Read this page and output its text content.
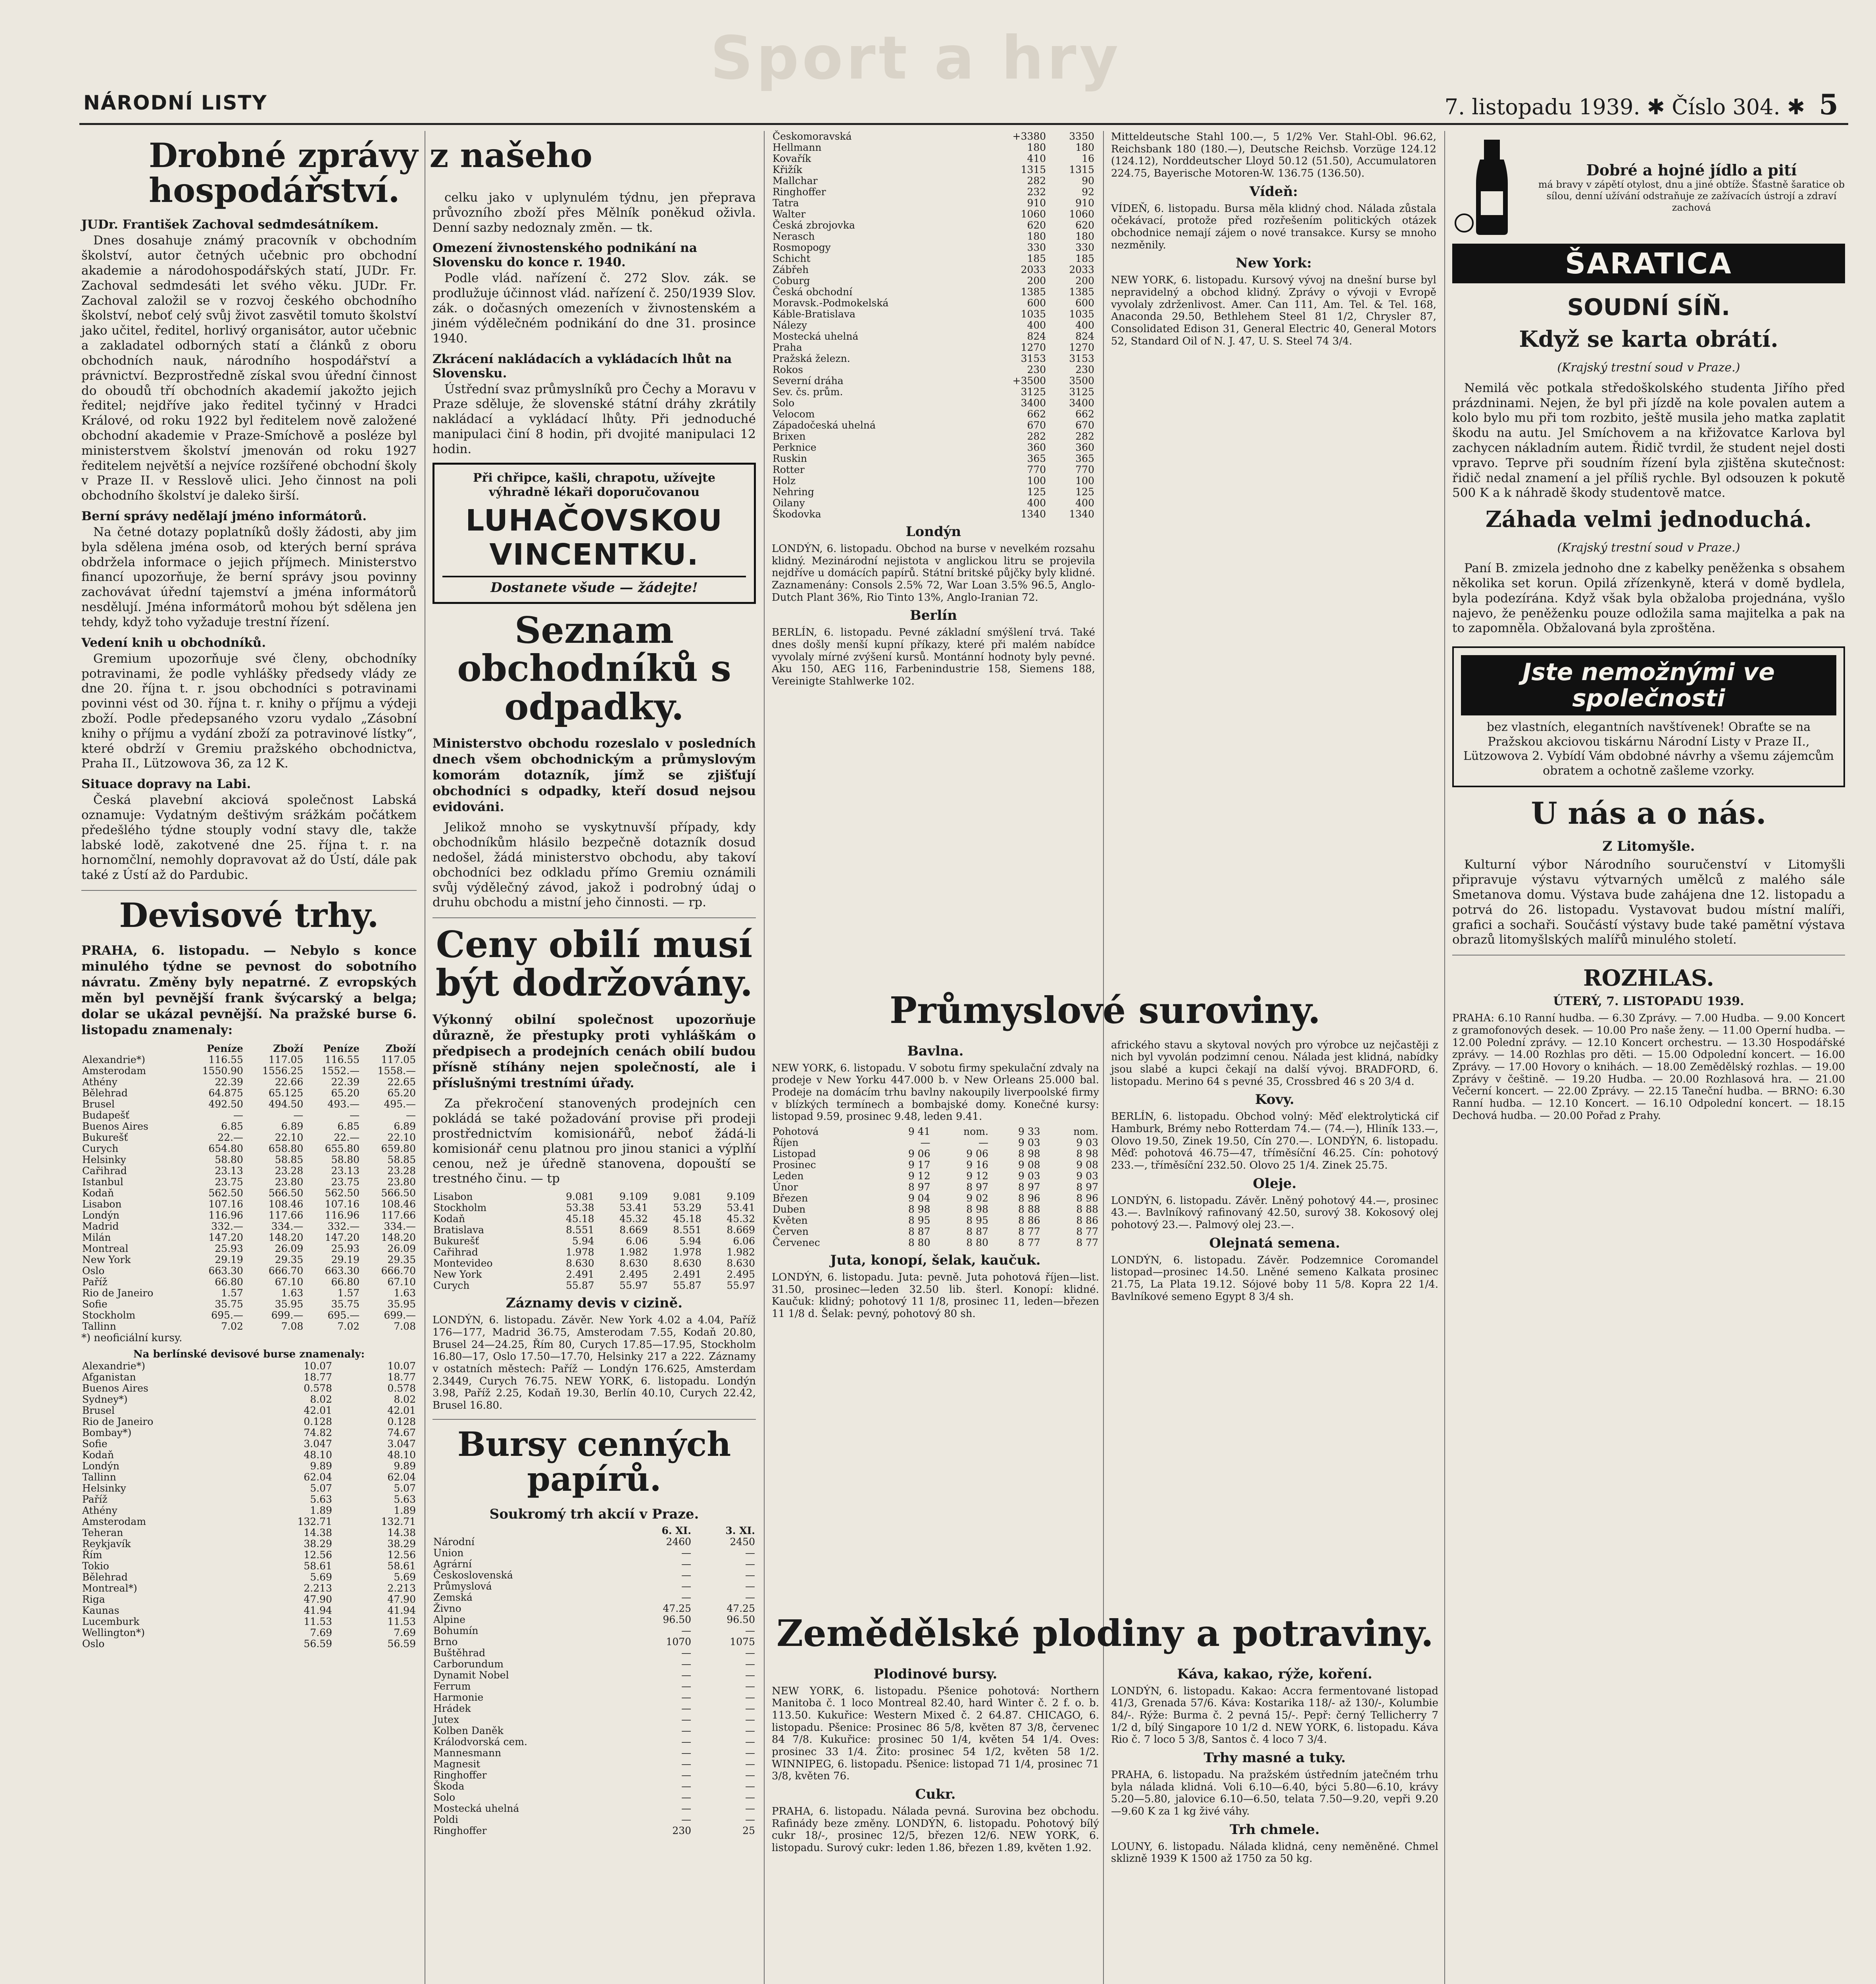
Sport a hry
NÁRODNÍ LISTY	7. listopadu 1939. ✱ Číslo 304. ✱ 5
Drobné zprávy z našeho hospodářství.
JUDr. František Zachoval sedmdesátníkem.

Dnes dosahuje známý pracovník v obchodním školství, autor četných učebnic pro obchodní akademie a národohospodářských statí, JUDr. Fr. Zachoval sedmdesáti let svého věku. JUDr. Fr. Zachoval založil se v rozvoj českého obchodního školství, neboť celý svůj život zasvětil tomuto školství jako učitel, ředitel, horlivý organisátor, autor učebnic a zakladatel odborných statí a článků z oboru obchodních nauk, národního hospodářství a právnictví. Bezprostředně získal svou úřední činnost do oboudů tří obchodních akademií jakožto jejich ředitel; nejdříve jako ředitel tyčinný v Hradci Králové, od roku 1922 byl ředitelem nově založené obchodní akademie v Praze-Smíchově a posléze byl ministerstvem školství jmenován od roku 1927 ředitelem největší a nejvíce rozšířené obchodní školy v Praze II. v Resslově ulici. Jeho činnost na poli obchodního školství je daleko širší.

Berní správy nedělají jméno informátorů.

Na četné dotazy poplatníků došly žádosti, aby jim byla sdělena jména osob, od kterých berní správa obdržela informace o jejich příjmech. Ministerstvo financí upozorňuje, že berní správy jsou povinny zachovávat úřední tajemství a jména informátorů nesdělují. Jména informátorů mohou být sdělena jen tehdy, když toho vyžaduje trestní řízení.

Vedení knih u obchodníků.

Gremium upozorňuje své členy, obchodníky potravinami, že podle vyhlášky předsedy vlády ze dne 20. října t. r. jsou obchodníci s potravinami povinni vést od 30. října t. r. knihy o příjmu a výdeji zboží. Podle předepsaného vzoru vydalo „Zásobní knihy o příjmu a vydání zboží za potravinové lístky“, které obdrží v Gremiu pražského obchodnictva, Praha II., Lützowova 36, za 12 K.

Situace dopravy na Labi.

Česká plavební akciová společnost Labská oznamuje: Vydatným deštivým srážkám počátkem předešlého týdne stouply vodní stavy dle, takže labské lodě, zakotvené dne 25. října t. r. na hornomčlní, nemohly dopravovat až do Ústí, dále pak také z Ústí až do Pardubic.

Devisové trhy.
PRAHA, 6. listopadu. — Nebylo s konce minulého týdne se pevnost do sobotního návratu. Změny byly nepatrné. Z evropských měn byl pevnější frank švýcarský a belga; dolar se ukázal pevnější. Na pražské burse 6. listopadu znamenaly:
	Peníze	Zboží	Peníze	Zboží
Alexandrie*)	116.55	117.05	116.55	117.05
Amsterodam	1550.90	1556.25	1552.—	1558.—
Athény	22.39	22.66	22.39	22.65
Bělehrad	64.875	65.125	65.20	65.20
Brusel	492.50	494.50	493.—	495.—
Budapešť	—	—	—	—
Buenos Aires	6.85	6.89	6.85	6.89
Bukurešť	22.—	22.10	22.—	22.10
Curych	654.80	658.80	655.80	659.80
Helsinky	58.80	58.85	58.80	58.85
Cařihrad	23.13	23.28	23.13	23.28
Istanbul	23.75	23.80	23.75	23.80
Kodaň	562.50	566.50	562.50	566.50
Lisabon	107.16	108.46	107.16	108.46
Londýn	116.96	117.66	116.96	117.66
Madrid	332.—	334.—	332.—	334.—
Milán	147.20	148.20	147.20	148.20
Montreal	25.93	26.09	25.93	26.09
New York	29.19	29.35	29.19	29.35
Oslo	663.30	666.70	663.30	666.70
Paříž	66.80	67.10	66.80	67.10
Rio de Janeiro	1.57	1.63	1.57	1.63
Sofie	35.75	35.95	35.75	35.95
Stockholm	695.—	699.—	695.—	699.—
Tallinn	7.02	7.08	7.02	7.08
*) neoficiální kursy.
Na berlínské devisové burse znamenaly:
Alexandrie*)	10.07	10.07
Afganistan	18.77	18.77
Buenos Aires	0.578	0.578
Sydney*)	8.02	8.02
Brusel	42.01	42.01
Rio de Janeiro	0.128	0.128
Bombay*)	74.82	74.67
Sofie	3.047	3.047
Kodaň	48.10	48.10
Londýn	9.89	9.89
Tallinn	62.04	62.04
Helsinky	5.07	5.07
Paříž	5.63	5.63
Athény	1.89	1.89
Amsterodam	132.71	132.71
Teheran	14.38	14.38
Reykjavík	38.29	38.29
Řím	12.56	12.56
Tokio	58.61	58.61
Bělehrad	5.69	5.69
Montreal*)	2.213	2.213
Riga	47.90	47.90
Kaunas	41.94	41.94
Lucemburk	11.53	11.53
Wellington*)	7.69	7.69
Oslo	56.59	56.59

celku jako v uplynulém týdnu, jen přeprava průvozního zboží přes Mělník poněkud oživla. Denní sazby nedoznaly změn. — tk.

Omezení živnostenského podnikání na Slovensku do konce r. 1940.

Podle vlád. nařízení č. 272 Slov. zák. se prodlužuje účinnost vlád. nařízení č. 250/1939 Slov. zák. o dočasných omezeních v živnostenském a jiném výdělečném podnikání do dne 31. prosince 1940.

Zkrácení nakládacích a vykládacích lhůt na Slovensku.

Ústřední svaz průmyslníků pro Čechy a Moravu v Praze sděluje, že slovenské státní dráhy zkrátily nakládací a vykládací lhůty. Při jednoduché manipulaci činí 8 hodin, při dvojité manipulaci 12 hodin.

Při chřipce, kašli, chrapotu, užívejte výhradně lékaři doporučovanou
LUHAČOVSKOU VINCENTKU.
Dostanete všude — žádejte!
Seznam obchodníků s odpadky.
Ministerstvo obchodu rozeslalo v posledních dnech všem obchodnickým a průmyslovým komorám dotazník, jímž se zjišťují obchodníci s odpadky, kteří dosud nejsou evidováni.

Jelikož mnoho se vyskytnuvší případy, kdy obchodníkům hlásilo bezpečně dotazník dosud nedošel, žádá ministerstvo obchodu, aby takoví obchodníci bez odkladu přímo Gremiu oznámili svůj výdělečný závod, jakož i podrobný údaj o druhu obchodu a mistní jeho činnosti. — rp.

Ceny obilí musí být dodržovány.
Výkonný obilní společnost upozorňuje důrazně, že přestupky proti vyhláškám o předpisech a prodejních cenách obilí budou přísně stíhány nejen společností, ale i příslušnými trestními úřady.

Za překročení stanovených prodejních cen pokládá se také požadování provise při prodeji prostřednictvím komisionářů, neboť žádá-li komisionář cenu platnou pro jinou stanici a výplňí cenou, než je úředně stanovena, dopouští se trestného činu. — tp

Lisabon	9.081	9.109	9.081	9.109
Stockholm	53.38	53.41	53.29	53.41
Kodaň	45.18	45.32	45.18	45.32
Bratislava	8.551	8.669	8.551	8.669
Bukurešť	5.94	6.06	5.94	6.06
Cařihrad	1.978	1.982	1.978	1.982
Montevideo	8.630	8.630	8.630	8.630
New York	2.491	2.495	2.491	2.495
Curych	55.87	55.97	55.87	55.97
Záznamy devis v cizině.
LONDÝN, 6. listopadu. Závěr. New York 4.02 a 4.04, Paříž 176—177, Madrid 36.75, Amsterodam 7.55, Kodaň 20.80, Brusel 24—24.25, Řím 80, Curych 17.85—17.95, Stockholm 16.80—17, Oslo 17.50—17.70, Helsinky 217 a 222. Záznamy v ostatních městech: Paříž — Londýn 176.625, Amsterdam 2.3449, Curych 76.75. NEW YORK, 6. listopadu. Londýn 3.98, Paříž 2.25, Kodaň 19.30, Berlín 40.10, Curych 22.42, Brusel 16.80.
Bursy cenných papírů.
Soukromý trh akcií v Praze.
	6. XI.	3. XI.
Národní	2460	2450
Union	—	—
Agrární	—	—
Československá	—	—
Průmyslová	—	—
Zemská	—	—
Živno	47.25	47.25
Alpine	96.50	96.50
Bohumín	—	—
Brno	1070	1075
Buštěhrad	—	—
Carborundum	—	—
Dynamit Nobel	—	—
Ferrum	—	—
Harmonie	—	—
Hrádek	—	—
Jutex	—	—
Kolben Daněk	—	—
Králodvorská cem.	—	—
Mannesmann	—	—
Magnesit	—	—
Ringhoffer	—	—
Škoda	—	—
Solo	—	—
Mostecká uhelná	—	—
Poldi	—	—
Ringhoffer	230	25
Českomoravská	+3380	3350
Hellmann	180	180
Kovařík	410	16
Křižík	1315	1315
Mallchar	282	90
Ringhoffer	232	92
Tatra	910	910
Walter	1060	1060
Česká zbrojovka	620	620
Nerasch	180	180
Rosmopogy	330	330
Schicht	185	185
Zábřeh	2033	2033
Coburg	200	200
Česká obchodní	1385	1385
Moravsk.-Podmokelská	600	600
Káble-Bratislava	1035	1035
Nálezy	400	400
Mostecká uhelná	824	824
Praha	1270	1270
Pražská železn.	3153	3153
Rokos	230	230
Severní dráha	+3500	3500
Sev. čs. prům.	3125	3125
Solo	3400	3400
Velocom	662	662
Západočeská uhelná	670	670
Brixen	282	282
Perknice	360	360
Ruskin	365	365
Rotter	770	770
Holz	100	100
Nehring	125	125
Oilany	400	400
Škodovka	1340	1340
Londýn
LONDÝN, 6. listopadu. Obchod na burse v nevelkém rozsahu klidný. Mezinárodní nejistota v anglickou litru se projevila nejdříve u domácích papírů. Státní britské půjčky byly klidné. Zaznamenány: Consols 2.5% 72, War Loan 3.5% 96.5, Anglo-Dutch Plant 36%, Rio Tinto 13%, Anglo-Iranian 72.
Berlín
BERLÍN, 6. listopadu. Pevné základní smýšlení trvá. Také dnes došly menší kupní příkazy, které při malém nabídce vyvolaly mírné zvýšení kursů. Montánní hodnoty byly pevné. Aku 150, AEG 116, Farbenindustrie 158, Siemens 188, Vereinigte Stahlwerke 102.
Průmyslové suroviny.
Bavlna.
NEW YORK, 6. listopadu. V sobotu firmy spekulační zdvaly na prodeje v New Yorku 447.000 b. v New Orleans 25.000 bal. Prodeje na domácím trhu bavlny nakoupily liverpoolské firmy v blízkých termínech a bombajské domy. Konečné kursy: listopad 9.59, prosinec 9.48, leden 9.41.
Pohotová	9 41	nom.	9 33	nom.
Říjen	—	—	9 03	9 03
Listopad	9 06	9 06	8 98	8 98
Prosinec	9 17	9 16	9 08	9 08
Leden	9 12	9 12	9 03	9 03
Únor	8 97	8 97	8 97	8 97
Březen	9 04	9 02	8 96	8 96
Duben	8 98	8 98	8 88	8 88
Květen	8 95	8 95	8 86	8 86
Červen	8 87	8 87	8 77	8 77
Červenec	8 80	8 80	8 77	8 77
Juta, konopí, šelak, kaučuk.
LONDÝN, 6. listopadu. Juta: pevně. Juta pohotová říjen—list. 31.50, prosinec—leden 32.50 lib. šterl. Konopí: klidné. Kaučuk: klidný; pohotový 11 1/8, prosinec 11, leden—březen 11 1/8 d. Šelak: pevný, pohotový 80 sh.
afrického stavu a skytoval nových pro výrobce uz nejčastěji z nich byl vyvolán podzimní cenou. Nálada jest klidná, nabídky jsou slabé a kupci čekají na další vývoj. BRADFORD, 6. listopadu. Merino 64 s pevné 35, Crossbred 46 s 20 3/4 d.
Kovy.
BERLÍN, 6. listopadu. Obchod volný: Měď elektrolytická cif Hamburk, Brémy nebo Rotterdam 74.— (74.—), Hliník 133.—, Olovo 19.50, Zinek 19.50, Cín 270.—. LONDÝN, 6. listopadu. Měď: pohotová 46.75—47, tříměsíční 46.25. Cín: pohotový 233.—, tříměsíční 232.50. Olovo 25 1/4. Zinek 25.75.
Oleje.
LONDÝN, 6. listopadu. Závěr. Lněný pohotový 44.—, prosinec 43.—. Bavlníkový rafinovaný 42.50, surový 38. Kokosový olej pohotový 23.—. Palmový olej 23.—.
Olejnatá semena.
LONDÝN, 6. listopadu. Závěr. Podzemnice Coromandel listopad—prosinec 14.50. Lněné semeno Kalkata prosinec 21.75, La Plata 19.12. Sójové boby 11 5/8. Kopra 22 1/4. Bavlníkové semeno Egypt 8 3/4 sh.
Zemědělské plodiny a potraviny.
Plodinové bursy.
NEW YORK, 6. listopadu. Pšenice pohotová: Northern Manitoba č. 1 loco Montreal 82.40, hard Winter č. 2 f. o. b. 113.50. Kukuřice: Western Mixed č. 2 64.87. CHICAGO, 6. listopadu. Pšenice: Prosinec 86 5/8, květen 87 3/8, červenec 84 7/8. Kukuřice: prosinec 50 1/4, květen 54 1/4. Oves: prosinec 33 1/4. Žito: prosinec 54 1/2, květen 58 1/2. WINNIPEG, 6. listopadu. Pšenice: listopad 71 1/4, prosinec 71 3/8, květen 76.
Cukr.
PRAHA, 6. listopadu. Nálada pevná. Surovina bez obchodu. Rafinády beze změny. LONDÝN, 6. listopadu. Pohotový bílý cukr 18/-, prosinec 12/5, březen 12/6. NEW YORK, 6. listopadu. Surový cukr: leden 1.86, březen 1.89, květen 1.92.
Káva, kakao, rýže, koření.
LONDÝN, 6. listopadu. Kakao: Accra fermentované listopad 41/3, Grenada 57/6. Káva: Kostarika 118/- až 130/-, Kolumbie 84/-. Rýže: Burma č. 2 pevná 15/-. Pepř: černý Tellicherry 7 1/2 d, bílý Singapore 10 1/2 d. NEW YORK, 6. listopadu. Káva Rio č. 7 loco 5 3/8, Santos č. 4 loco 7 3/4.
Trhy masné a tuky.
PRAHA, 6. listopadu. Na pražském ústředním jatečném trhu byla nálada klidná. Voli 6.10—6.40, býci 5.80—6.10, krávy 5.20—5.80, jalovice 6.10—6.50, telata 7.50—9.20, vepři 9.20—9.60 K za 1 kg živé váhy.
Trh chmele.
LOUNY, 6. listopadu. Nálada klidná, ceny neměněné. Chmel sklizně 1939 K 1500 až 1750 za 50 kg.
Mitteldeutsche Stahl 100.—, 5 1/2% Ver. Stahl-Obl. 96.62, Reichsbank 180 (180.—), Deutsche Reichsb. Vorzüge 124.12 (124.12), Norddeutscher Lloyd 50.12 (51.50), Accumulatoren 224.75, Bayerische Motoren-W. 136.75 (136.50).
Vídeň:
VÍDEŇ, 6. listopadu. Bursa měla klidný chod. Nálada zůstala očekávací, protože před rozřešením politických otázek obchodnice nemají zájem o nové transakce. Kursy se mnoho nezměnily.
New York:
NEW YORK, 6. listopadu. Kursový vývoj na dnešní burse byl nepravidelný a obchod klidný. Zprávy o vývoji v Evropě vyvolaly zdrženlivost. Amer. Can 111, Am. Tel. & Tel. 168, Anaconda 29.50, Bethlehem Steel 81 1/2, Chrysler 87, Consolidated Edison 31, General Electric 40, General Motors 52, Standard Oil of N. J. 47, U. S. Steel 74 3/4.
Dobré a hojné jídlo a pití
má bravy v zápětí otylost, dnu a jiné obtíže. Šťastně šaratice ob sílou, denní užívání odstraňuje ze zažívacích ústrojí a zdraví zachová
ŠARATICA
SOUDNÍ SÍŇ.
Když se karta obrátí.
(Krajský trestní soud v Praze.)

Nemilá věc potkala středoškolského studenta Jiřího před prázdninami. Nejen, že byl při jízdě na kole povalen autem a kolo bylo mu při tom rozbito, ještě musila jeho matka zaplatit škodu na autu. Jel Smíchovem a na křižovatce Karlova byl zachycen nákladním autem. Řidič tvrdil, že student nejel dosti vpravo. Teprve při soudním řízení byla zjištěna skutečnost: řidič nedal znamení a jel příliš rychle. Byl odsouzen k pokutě 500 K a k náhradě škody studentově matce.

Záhada velmi jednoduchá.
(Krajský trestní soud v Praze.)

Paní B. zmizela jednoho dne z kabelky peněženka s obsahem několika set korun. Opilá zřízenkyně, která v domě bydlela, byla podezírána. Když však byla obžaloba projednána, vyšlo najevo, že peněženku pouze odložila sama majitelka a pak na to zapomněla. Obžalovaná byla zproštěna.

Jste nemožnými ve společnosti
bez vlastních, elegantních navštívenek! Obraťte se na Pražskou akciovou tiskárnu Národní Listy v Praze II., Lützowova 2. Vybídí Vám obdobné návrhy a všemu zájemcům obratem a ochotně zašleme vzorky.
U nás a o nás.
Z Litomyšle.

Kulturní výbor Národního souručenství v Litomyšli připravuje výstavu výtvarných umělců z malého sále Smetanova domu. Výstava bude zahájena dne 12. listopadu a potrvá do 26. listopadu. Vystavovat budou místní malíři, grafici a sochaři. Součástí výstavy bude také pamětní výstava obrazů litomyšlských malířů minulého století.

ROZHLAS.
ÚTERÝ, 7. LISTOPADU 1939.
PRAHA: 6.10 Ranní hudba. — 6.30 Zprávy. — 7.00 Hudba. — 9.00 Koncert z gramofonových desek. — 10.00 Pro naše ženy. — 11.00 Operní hudba. — 12.00 Polední zprávy. — 12.10 Koncert orchestru. — 13.30 Hospodářské zprávy. — 14.00 Rozhlas pro děti. — 15.00 Odpolední koncert. — 16.00 Zprávy. — 17.00 Hovory o knihách. — 18.00 Zemědělský rozhlas. — 19.00 Zprávy v češtině. — 19.20 Hudba. — 20.00 Rozhlasová hra. — 21.00 Večerní koncert. — 22.00 Zprávy. — 22.15 Taneční hudba. — BRNO: 6.30 Ranní hudba. — 12.10 Koncert. — 16.10 Odpolední koncert. — 18.15 Dechová hudba. — 20.00 Pořad z Prahy.
